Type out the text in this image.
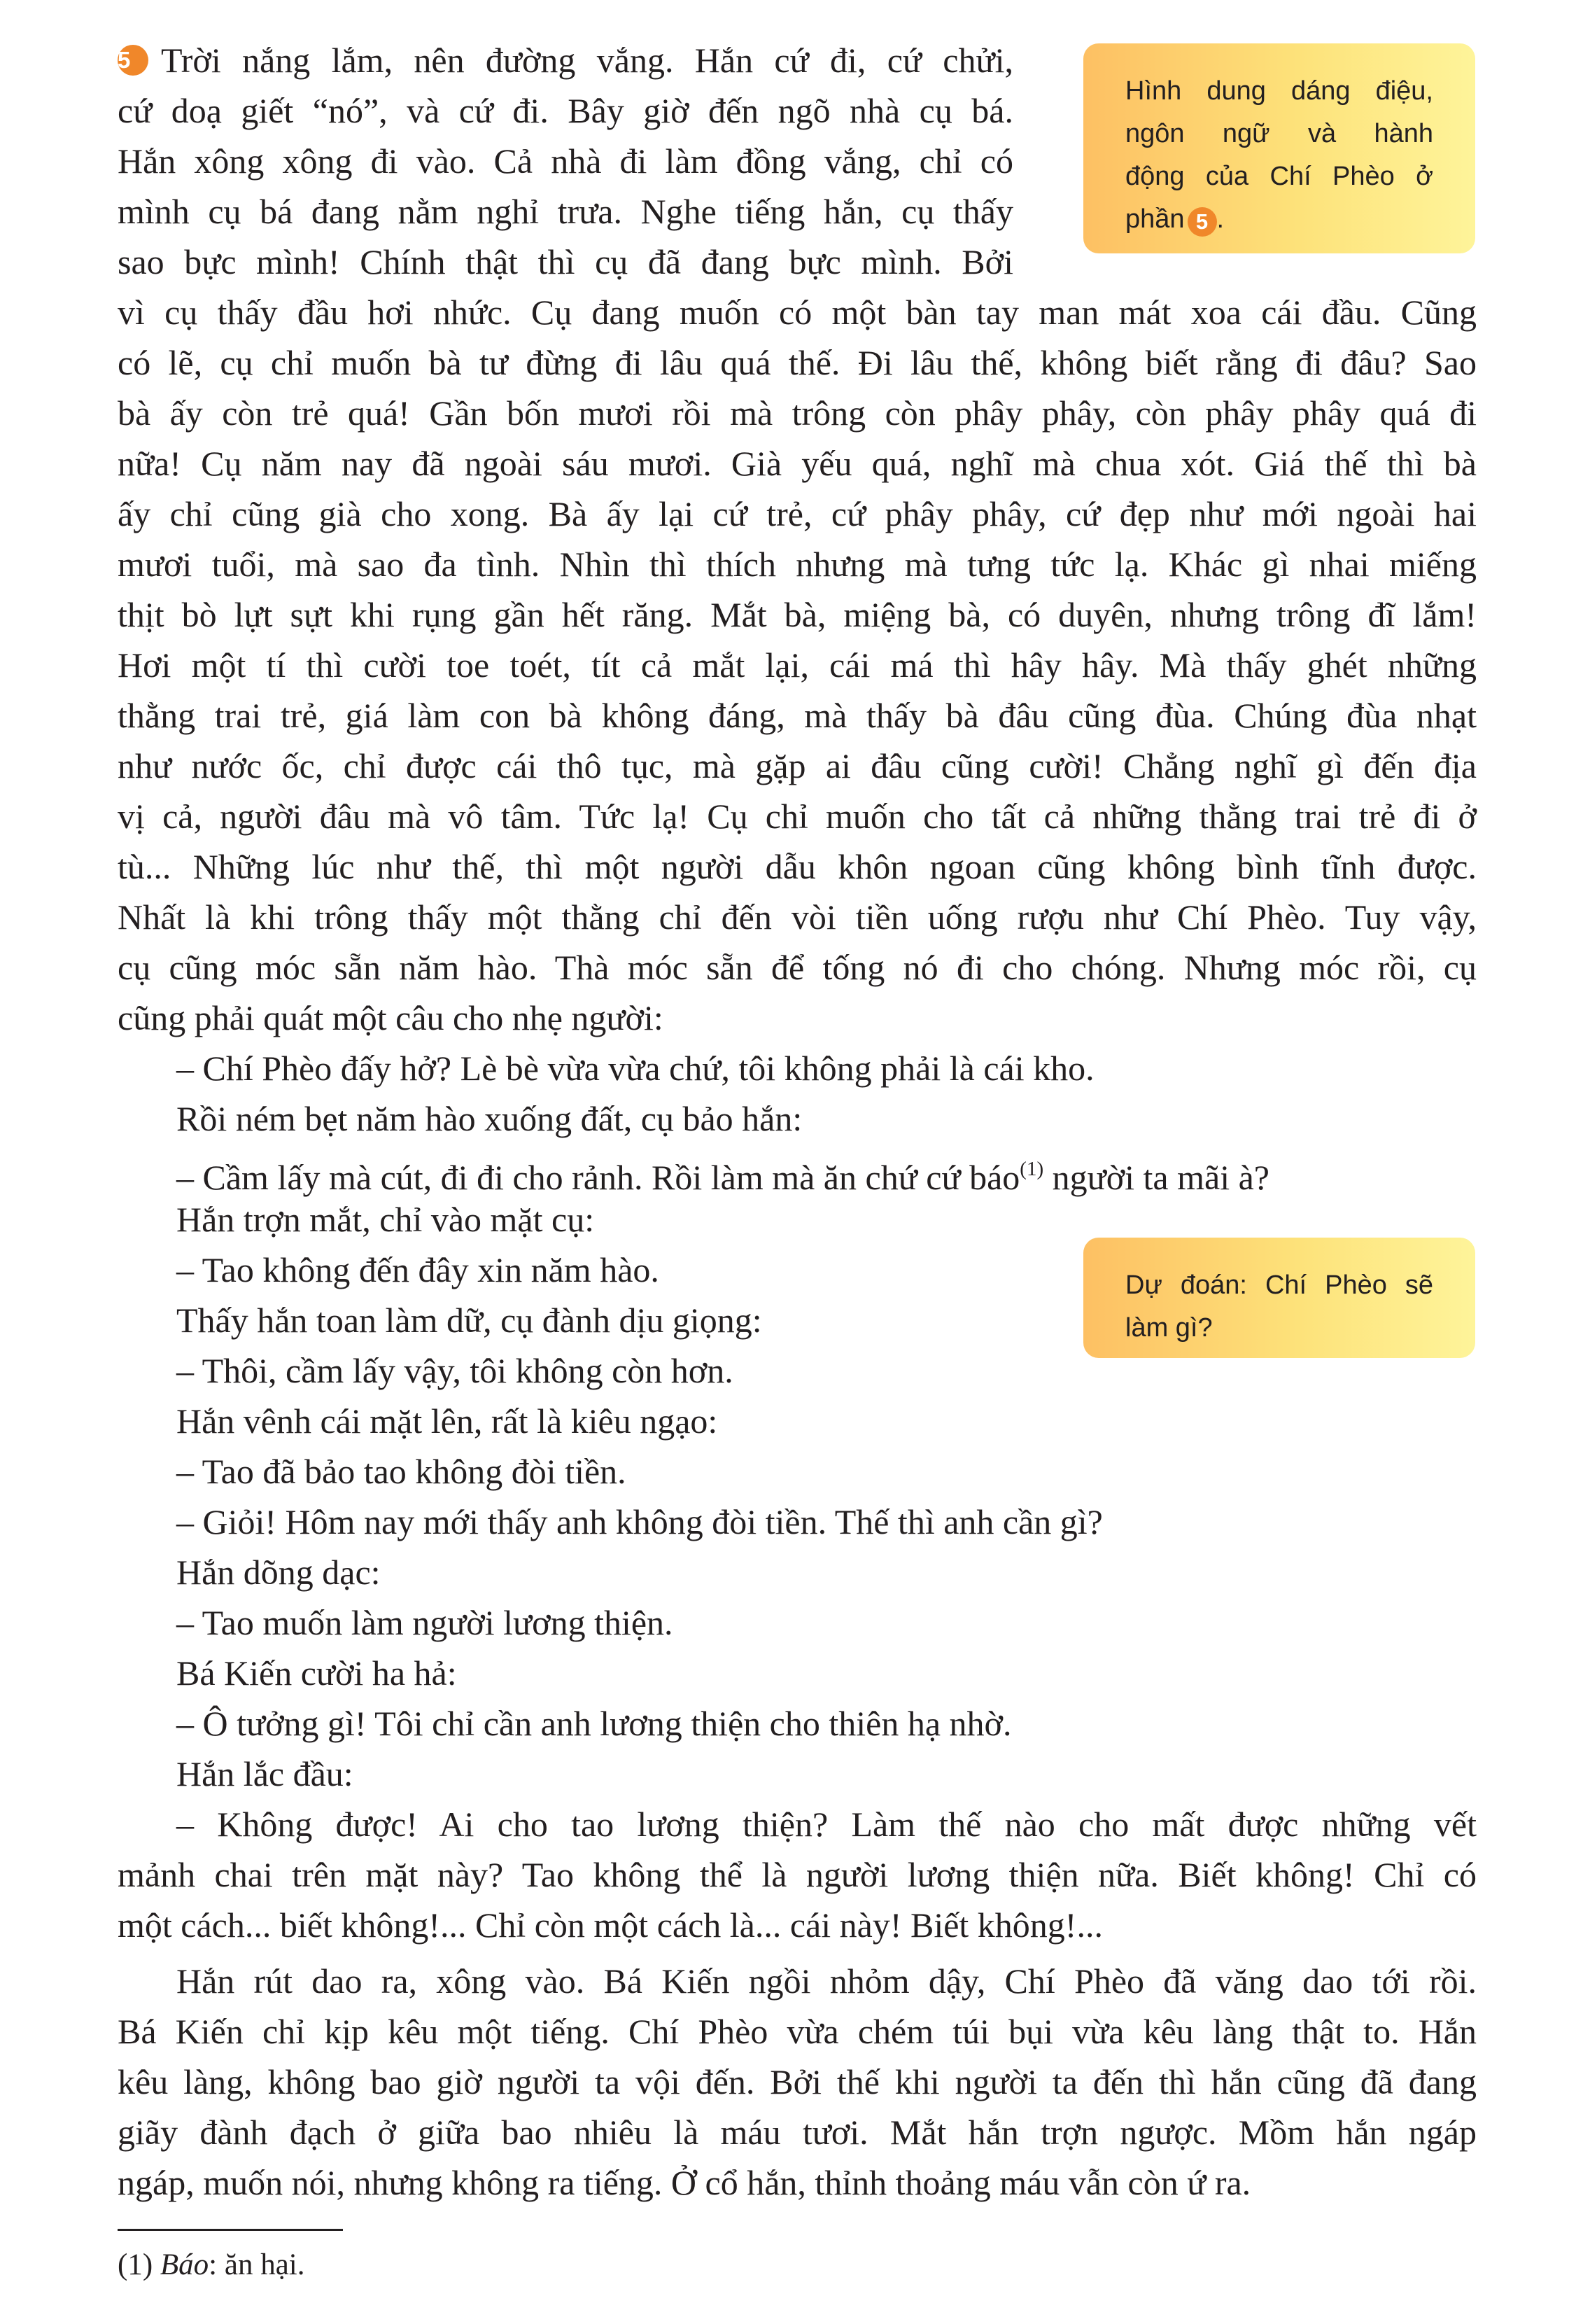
Hình dung dáng điệu,
ngôn ngữ và hành
động của Chí Phèo ở
phần 5 .
Dự đoán: Chí Phèo sẽ
làm gì?
5 Trời nắng lắm, nên đường vắng. Hắn cứ đi, cứ chửi,
cứ doạ giết “nó”, và cứ đi. Bây giờ đến ngõ nhà cụ bá.
Hắn xông xông đi vào. Cả nhà đi làm đồng vắng, chỉ có
mình cụ bá đang nằm nghỉ trưa. Nghe tiếng hắn, cụ thấy
sao bực mình! Chính thật thì cụ đã đang bực mình. Bởi
vì cụ thấy đầu hơi nhức. Cụ đang muốn có một bàn tay man mát xoa cái đầu. Cũng
có lẽ, cụ chỉ muốn bà tư đừng đi lâu quá thế. Đi lâu thế, không biết rằng đi đâu? Sao
bà ấy còn trẻ quá! Gần bốn mươi rồi mà trông còn phây phây, còn phây phây quá đi
nữa! Cụ năm nay đã ngoài sáu mươi. Già yếu quá, nghĩ mà chua xót. Giá thế thì bà
ấy chỉ cũng già cho xong. Bà ấy lại cứ trẻ, cứ phây phây, cứ đẹp như mới ngoài hai
mươi tuổi, mà sao đa tình. Nhìn thì thích nhưng mà tưng tức lạ. Khác gì nhai miếng
thịt bò lựt sựt khi rụng gần hết răng. Mắt bà, miệng bà, có duyên, nhưng trông đĩ lắm!
Hơi một tí thì cười toe toét, tít cả mắt lại, cái má thì hây hây. Mà thấy ghét những
thằng trai trẻ, giá làm con bà không đáng, mà thấy bà đâu cũng đùa. Chúng đùa nhạt
như nước ốc, chỉ được cái thô tục, mà gặp ai đâu cũng cười! Chẳng nghĩ gì đến địa
vị cả, người đâu mà vô tâm. Tức lạ! Cụ chỉ muốn cho tất cả những thằng trai trẻ đi ở
tù... Những lúc như thế, thì một người dẫu khôn ngoan cũng không bình tĩnh được.
Nhất là khi trông thấy một thằng chỉ đến vòi tiền uống rượu như Chí Phèo. Tuy vậy,
cụ cũng móc sẵn năm hào. Thà móc sẵn để tống nó đi cho chóng. Nhưng móc rồi, cụ
cũng phải quát một câu cho nhẹ người:
– Chí Phèo đấy hở? Lè bè vừa vừa chứ, tôi không phải là cái kho.
Rồi ném bẹt năm hào xuống đất, cụ bảo hắn:
– Cầm lấy mà cút, đi đi cho rảnh. Rồi làm mà ăn chứ cứ báo$^{(1)}$ người ta mãi à?
Hắn trợn mắt, chỉ vào mặt cụ:
– Tao không đến đây xin năm hào.
Thấy hắn toan làm dữ, cụ đành dịu giọng:
– Thôi, cầm lấy vậy, tôi không còn hơn.
Hắn vênh cái mặt lên, rất là kiêu ngạo:
– Tao đã bảo tao không đòi tiền.
– Giỏi! Hôm nay mới thấy anh không đòi tiền. Thế thì anh cần gì?
Hắn dõng dạc:
– Tao muốn làm người lương thiện.
Bá Kiến cười ha hả:
– Ô tưởng gì! Tôi chỉ cần anh lương thiện cho thiên hạ nhờ.
Hắn lắc đầu:
– Không được! Ai cho tao lương thiện? Làm thế nào cho mất được những vết
mảnh chai trên mặt này? Tao không thể là người lương thiện nữa. Biết không! Chỉ có
một cách... biết không!... Chỉ còn một cách là... cái này! Biết không!...
Hắn rút dao ra, xông vào. Bá Kiến ngồi nhỏm dậy, Chí Phèo đã văng dao tới rồi.
Bá Kiến chỉ kịp kêu một tiếng. Chí Phèo vừa chém túi bụi vừa kêu làng thật to. Hắn
kêu làng, không bao giờ người ta vội đến. Bởi thế khi người ta đến thì hắn cũng đã đang
giãy đành đạch ở giữa bao nhiêu là máu tươi. Mắt hắn trợn ngược. Mồm hắn ngáp
ngáp, muốn nói, nhưng không ra tiếng. Ở cổ hắn, thỉnh thoảng máu vẫn còn ứ ra.
(1) Báo: ăn hại.
